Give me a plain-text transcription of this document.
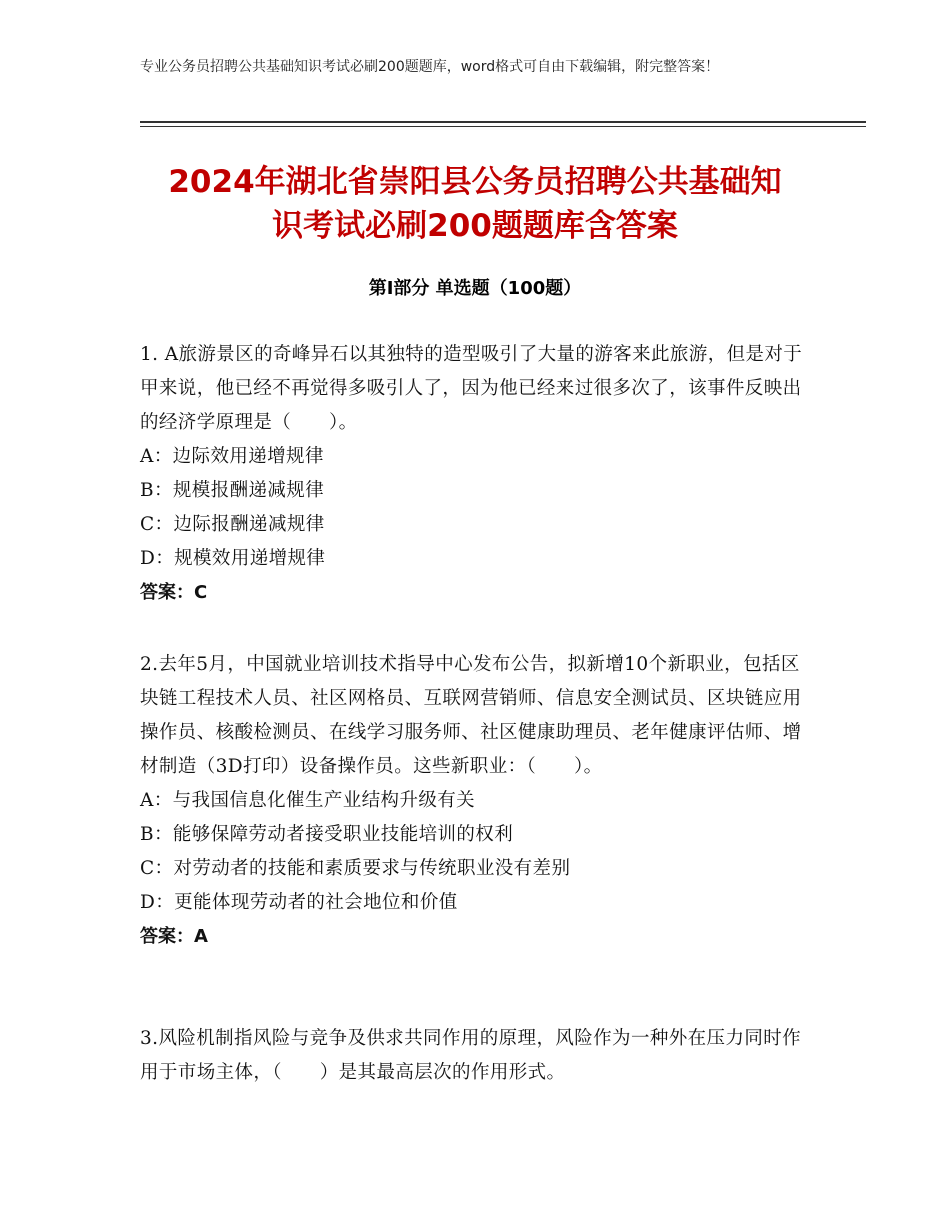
专业公务员招聘公共基础知识考试必刷200题题库，word格式可自由下载编辑，附完整答案！
2024年湖北省崇阳县公务员招聘公共基础知
识考试必刷200题题库含答案
第Ⅰ部分 单选题（100题）
1. A旅游景区的奇峰异石以其独特的造型吸引了大量的游客来此旅游，但是对于甲来说，他已经不再觉得多吸引人了，因为他已经来过很多次了，该事件反映出的经济学原理是（　　）。
A：边际效用递增规律
B：规模报酬递减规律
C：边际报酬递减规律
D：规模效用递增规律
答案：C
2.去年5月，中国就业培训技术指导中心发布公告，拟新增10个新职业，包括区块链工程技术人员、社区网格员、互联网营销师、信息安全测试员、区块链应用操作员、核酸检测员、在线学习服务师、社区健康助理员、老年健康评估师、增材制造（3D打印）设备操作员。这些新职业：（　　）。
A：与我国信息化催生产业结构升级有关
B：能够保障劳动者接受职业技能培训的权利
C：对劳动者的技能和素质要求与传统职业没有差别
D：更能体现劳动者的社会地位和价值
答案：A
3.风险机制指风险与竞争及供求共同作用的原理，风险作为一种外在压力同时作用于市场主体，（　　）是其最高层次的作用形式。
